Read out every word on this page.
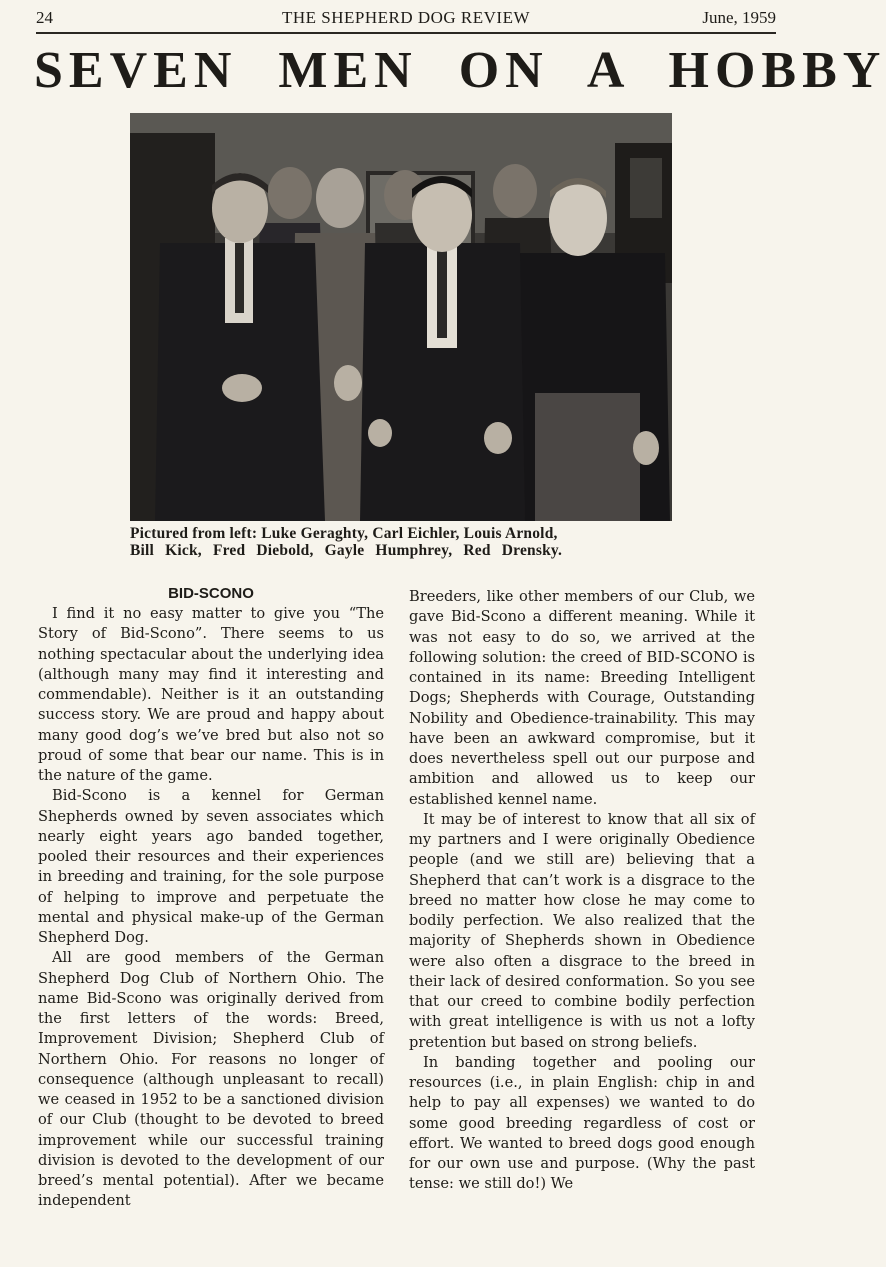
24	THE SHEPHERD DOG REVIEW	June, 1959
SEVEN MEN ON A HOBBY
Pictured from left: Luke Geraghty, Carl Eichler, Louis Arnold,
Bill Kick, Fred Diebold, Gayle Humphrey, Red Drensky.
BID-SCONO

I find it no easy matter to give you “The Story of Bid-Scono”. There seems to us nothing spectacular about the underlying idea (although many may find it interesting and commendable). Neither is it an outstanding success story. We are proud and happy about many good dog’s we’ve bred but also not so proud of some that bear our name. This is in the nature of the game.

Bid-Scono is a kennel for German Shepherds owned by seven associates which nearly eight years ago banded together, pooled their resources and their experiences in breeding and training, for the sole purpose of helping to improve and perpetuate the mental and physical make-up of the German Shepherd Dog.

All are good members of the German Shepherd Dog Club of Northern Ohio. The name Bid-Scono was originally derived from the first letters of the words: Breed, Improvement Division; Shepherd Club of Northern Ohio. For reasons no longer of consequence (although unpleasant to recall) we ceased in 1952 to be a sanctioned division of our Club (thought to be devoted to breed improvement while our successful training division is devoted to the development of our breed’s mental potential). After we became independent

Breeders, like other members of our Club, we gave Bid-Scono a different meaning. While it was not easy to do so, we arrived at the following solution: the creed of BID-SCONO is contained in its name: Breeding Intelligent Dogs; Shepherds with Courage, Outstanding Nobility and Obedience-trainability. This may have been an awkward compromise, but it does nevertheless spell out our purpose and ambition and allowed us to keep our established kennel name.

It may be of interest to know that all six of my partners and I were originally Obedience people (and we still are) believing that a Shepherd that can’t work is a disgrace to the breed no matter how close he may come to bodily perfection. We also realized that the majority of Shepherds shown in Obedience were also often a disgrace to the breed in their lack of desired conformation. So you see that our creed to combine bodily perfection with great intelligence is with us not a lofty pretention but based on strong beliefs.

In banding together and pooling our resources (i.e., in plain English: chip in and help to pay all expenses) we wanted to do some good breeding regardless of cost or effort. We wanted to breed dogs good enough for our own use and purpose. (Why the past tense: we still do!) We
